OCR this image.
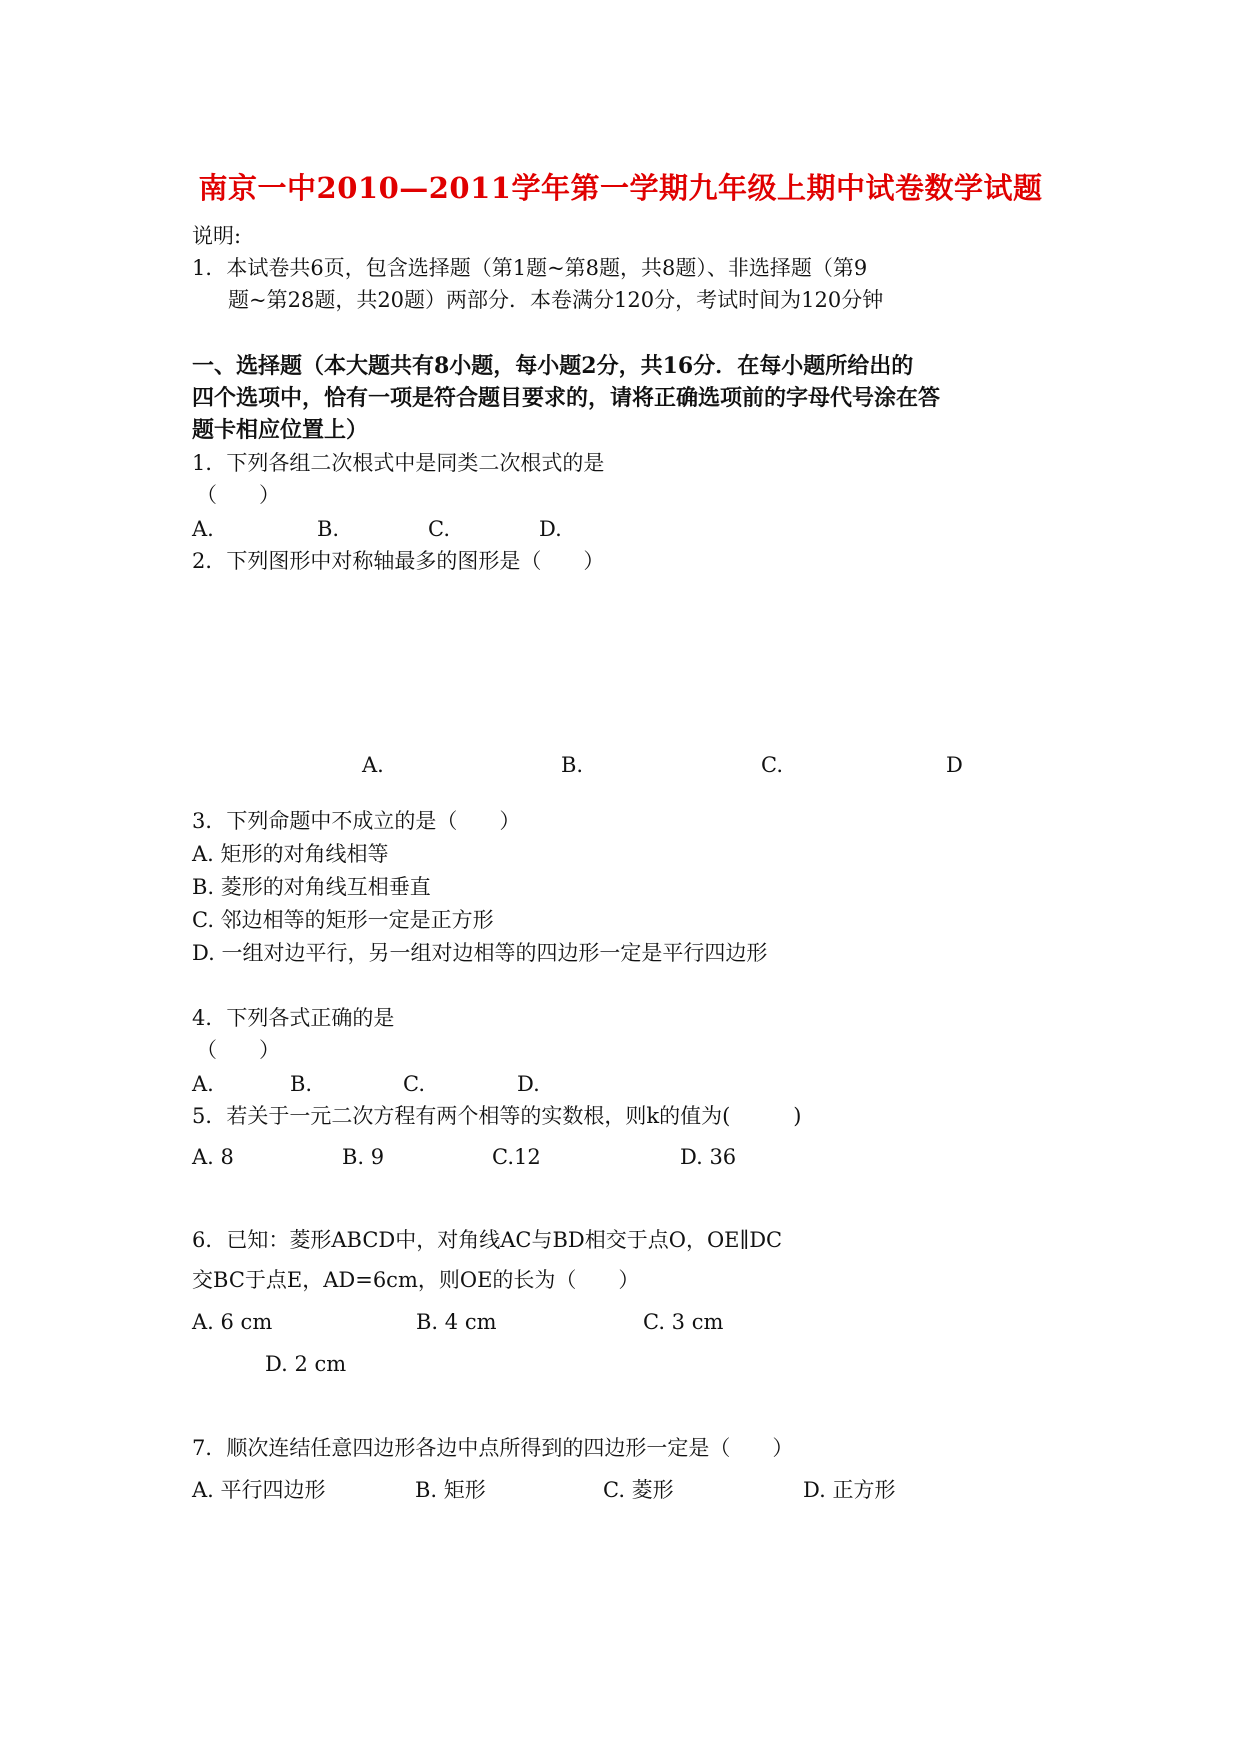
南京一中2010—2011学年第一学期九年级上期中试卷数学试题
说明:
1．本试卷共6页，包含选择题（第1题~第8题，共8题）、非选择题（第9
题~第28题，共20题）两部分．本卷满分120分，考试时间为120分钟
一、选择题（本大题共有8小题，每小题2分，共16分．在每小题所给出的
四个选项中，恰有一项是符合题目要求的，请将正确选项前的字母代号涂在答
题卡相应位置上）
1．下列各组二次根式中是同类二次根式的是
（　　）
A.	B.	C.	D.
2．下列图形中对称轴最多的图形是（　　）
A.	B.	C.	D
3．下列命题中不成立的是（　　）
A. 矩形的对角线相等
B. 菱形的对角线互相垂直
C. 邻边相等的矩形一定是正方形
D. 一组对边平行，另一组对边相等的四边形一定是平行四边形
4．下列各式正确的是
（　　）
A.	B.	C.	D.
5．若关于一元二次方程有两个相等的实数根，则k的值为(　　　)
A. 8	B. 9	C.12	D. 36
6．已知：菱形ABCD中，对角线AC与BD相交于点O，OE∥DC
交BC于点E，AD=6cm，则OE的长为（　　）
A. 6 cm	B. 4 cm	C. 3 cm
D. 2 cm
7．顺次连结任意四边形各边中点所得到的四边形一定是（　　）
A. 平行四边形	B. 矩形	C. 菱形	D. 正方形
